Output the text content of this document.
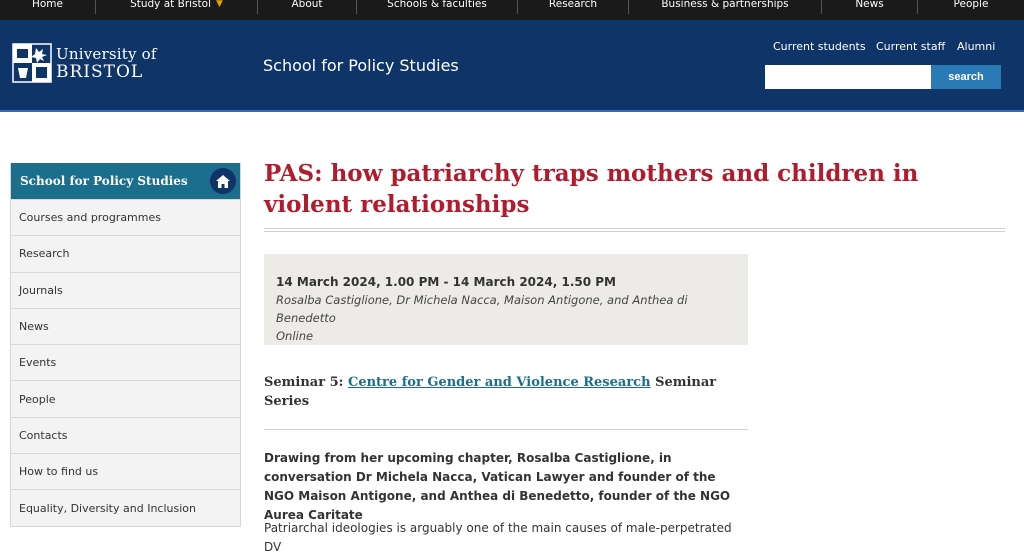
Home	Study at Bristol ▼	About	Schools & faculties	Research	Business & partnerships	News	People
University of
BRISTOL	School for Policy Studies
Current students Current staff Alumni
search
School for Policy Studies
Courses and programmes
Research
Journals
News
Events
People
Contacts
How to find us
Equality, Diversity and Inclusion
PAS: how patriarchy traps mothers and children in violent relationships
14 March 2024, 1.00 PM - 14 March 2024, 1.50 PM
Rosalba Castiglione, Dr Michela Nacca, Maison Antigone, and Anthea di Benedetto
Online
Seminar 5: Centre for Gender and Violence Research Seminar Series

Drawing from her upcoming chapter, Rosalba Castiglione, in conversation Dr Michela Nacca, Vatican Lawyer and founder of the NGO Maison Antigone, and Anthea di Benedetto, founder of the NGO Aurea Caritate

Patriarchal ideologies is arguably one of the main causes of male-perpetrated DV
